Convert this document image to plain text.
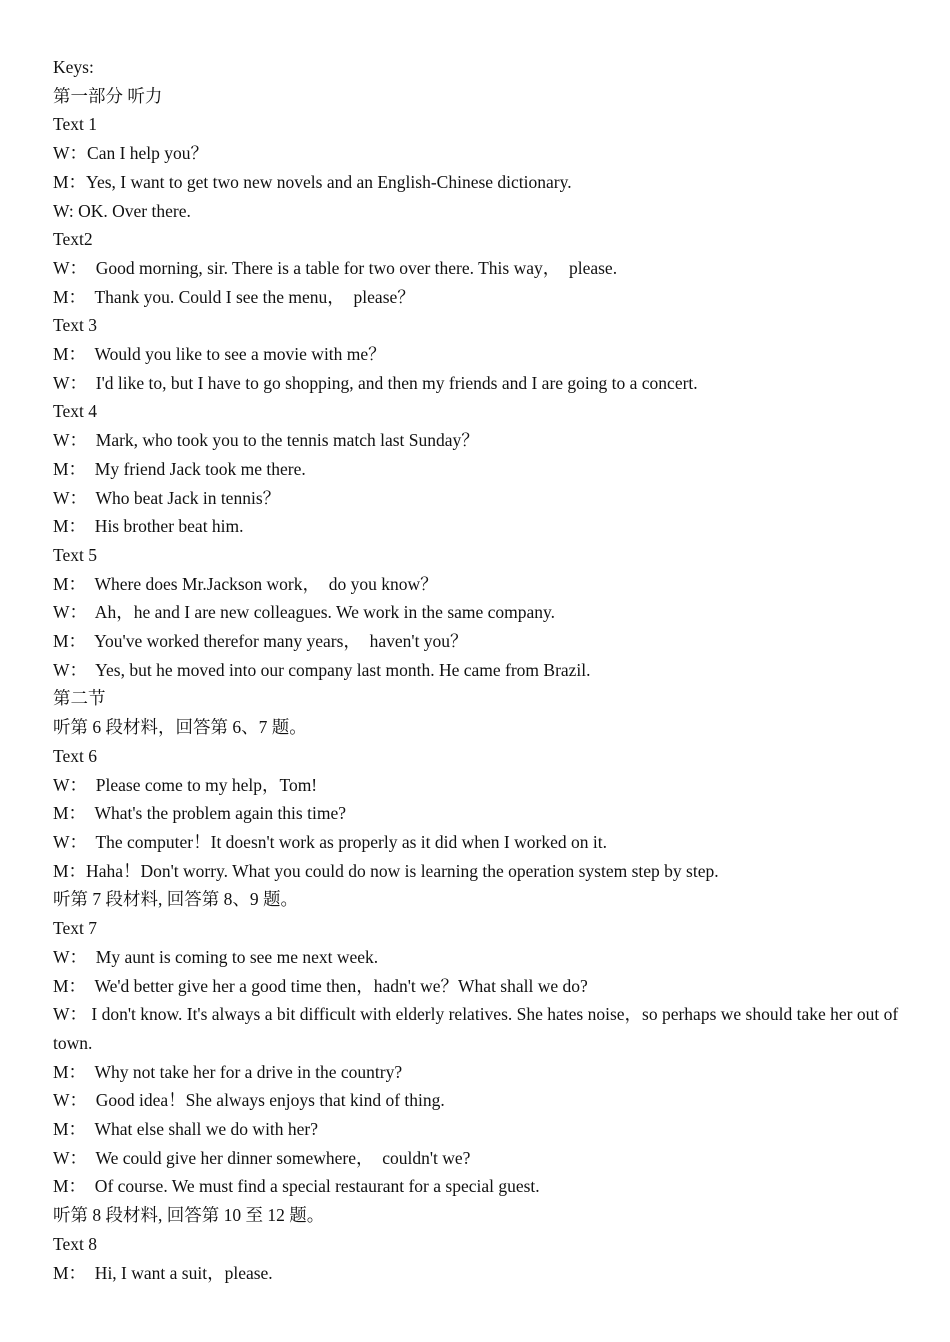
Keys:

第一部分 听力

Text 1

W：Can I help you？

M：Yes, I want to get two new novels and an English-Chinese dictionary.

W: OK. Over there.

Text2

W：  Good morning, sir. There is a table for two over there. This way，  please.

M：  Thank you. Could I see the menu，  please？

Text 3

M：  Would you like to see a movie with me？

W：  I'd like to, but I have to go shopping, and then my friends and I are going to a concert.

Text 4

W：  Mark, who took you to the tennis match last Sunday？

M：  My friend Jack took me there.

W：  Who beat Jack in tennis？

M：  His brother beat him.

Text 5

M：  Where does Mr.Jackson work，  do you know？

W：  Ah，he and I are new colleagues. We work in the same company.

M：  You've worked therefor many years，  haven't you？

W：  Yes, but he moved into our company last month. He came from Brazil.

第二节

听第 6 段材料，回答第 6、7 题。

Text 6

W：  Please come to my help，Tom!

M：  What's the problem again this time?

W：  The computer！It doesn't work as properly as it did when I worked on it.

M：Haha！Don't worry. What you could do now is learning the operation system step by step.

听第 7 段材料, 回答第 8、9 题。

Text 7

W：  My aunt is coming to see me next week.

M：  We'd better give her a good time then，hadn't we？What shall we do?

W： I don't know. It's always a bit difficult with elderly relatives. She hates noise，so perhaps we should take her out of town.

M：  Why not take her for a drive in the country?

W：  Good idea！She always enjoys that kind of thing.

M：  What else shall we do with her?

W：  We could give her dinner somewhere，  couldn't we?

M：  Of course. We must find a special restaurant for a special guest.

听第 8 段材料, 回答第 10 至 12 题。

Text 8

M：  Hi, I want a suit，please.
